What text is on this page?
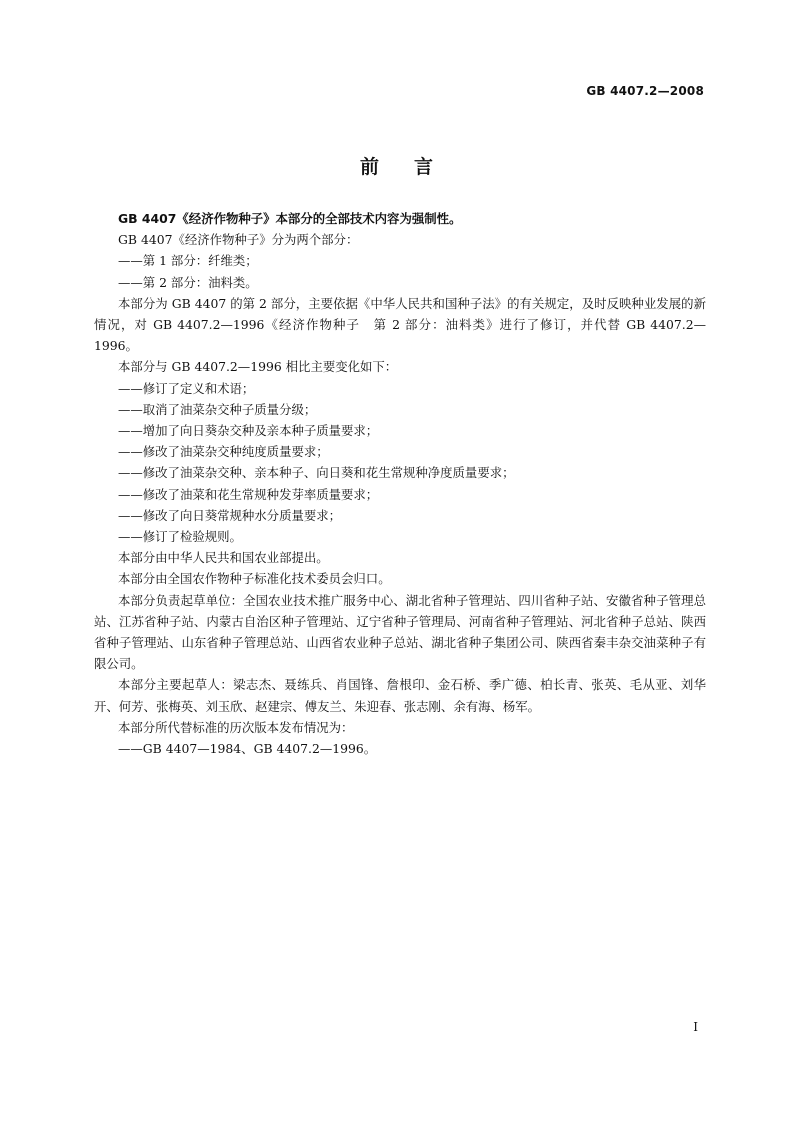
GB 4407.2—2008
前 言

GB 4407《经济作物种子》本部分的全部技术内容为强制性。

GB 4407《经济作物种子》分为两个部分：

——第 1 部分：纤维类；

——第 2 部分：油料类。

本部分为 GB 4407 的第 2 部分，主要依据《中华人民共和国种子法》的有关规定，及时反映种业发展的新情况，对 GB 4407.2—1996《经济作物种子　第 2 部分：油料类》进行了修订，并代替 GB 4407.2—1996。

本部分与 GB 4407.2—1996 相比主要变化如下：

——修订了定义和术语；

——取消了油菜杂交种子质量分级；

——增加了向日葵杂交种及亲本种子质量要求；

——修改了油菜杂交种纯度质量要求；

——修改了油菜杂交种、亲本种子、向日葵和花生常规种净度质量要求；

——修改了油菜和花生常规种发芽率质量要求；

——修改了向日葵常规种水分质量要求；

——修订了检验规则。

本部分由中华人民共和国农业部提出。

本部分由全国农作物种子标准化技术委员会归口。

本部分负责起草单位：全国农业技术推广服务中心、湖北省种子管理站、四川省种子站、安徽省种子管理总站、江苏省种子站、内蒙古自治区种子管理站、辽宁省种子管理局、河南省种子管理站、河北省种子总站、陕西省种子管理站、山东省种子管理总站、山西省农业种子总站、湖北省种子集团公司、陕西省秦丰杂交油菜种子有限公司。

本部分主要起草人：梁志杰、聂练兵、肖国锋、詹根印、金石桥、季广德、柏长青、张英、毛从亚、刘华开、何芳、张梅英、刘玉欣、赵建宗、傅友兰、朱迎春、张志刚、余有海、杨军。

本部分所代替标准的历次版本发布情况为：

——GB 4407—1984、GB 4407.2—1996。

I
